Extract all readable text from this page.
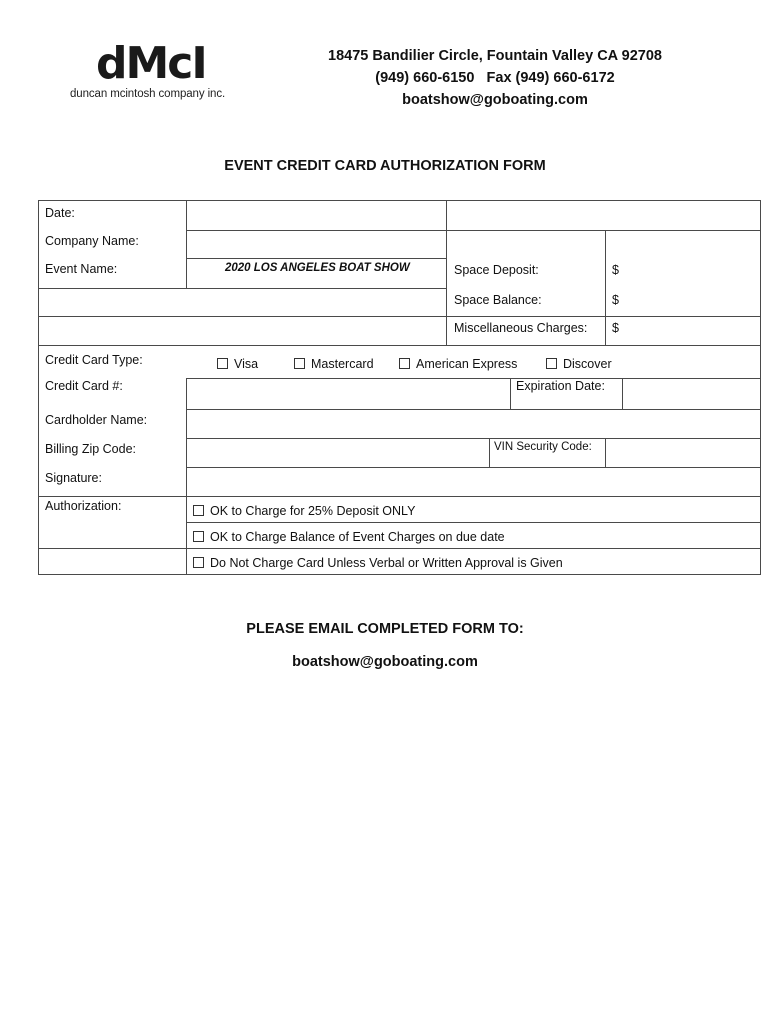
dMcI
duncan mcintosh company inc.
18475 Bandilier Circle, Fountain Valley CA 92708
(949) 660-6150   Fax (949) 660-6172
boatshow@goboating.com
EVENT CREDIT CARD AUTHORIZATION FORM
Date:
Company Name:
Event Name:	2020 LOS ANGELES BOAT SHOW	Space Deposit:	$
Space Balance:	$
Miscellaneous Charges: $
Credit Card Type:	Visa	Mastercard	American Express	Discover
Credit Card #:	Expiration Date:
Cardholder Name:
Billing Zip Code:	VIN Security Code:
Signature:
Authorization:	OK to Charge for 25% Deposit ONLY
OK to Charge Balance of Event Charges on due date
Do Not Charge Card Unless Verbal or Written Approval is Given
PLEASE EMAIL COMPLETED FORM TO:
boatshow@goboating.com
